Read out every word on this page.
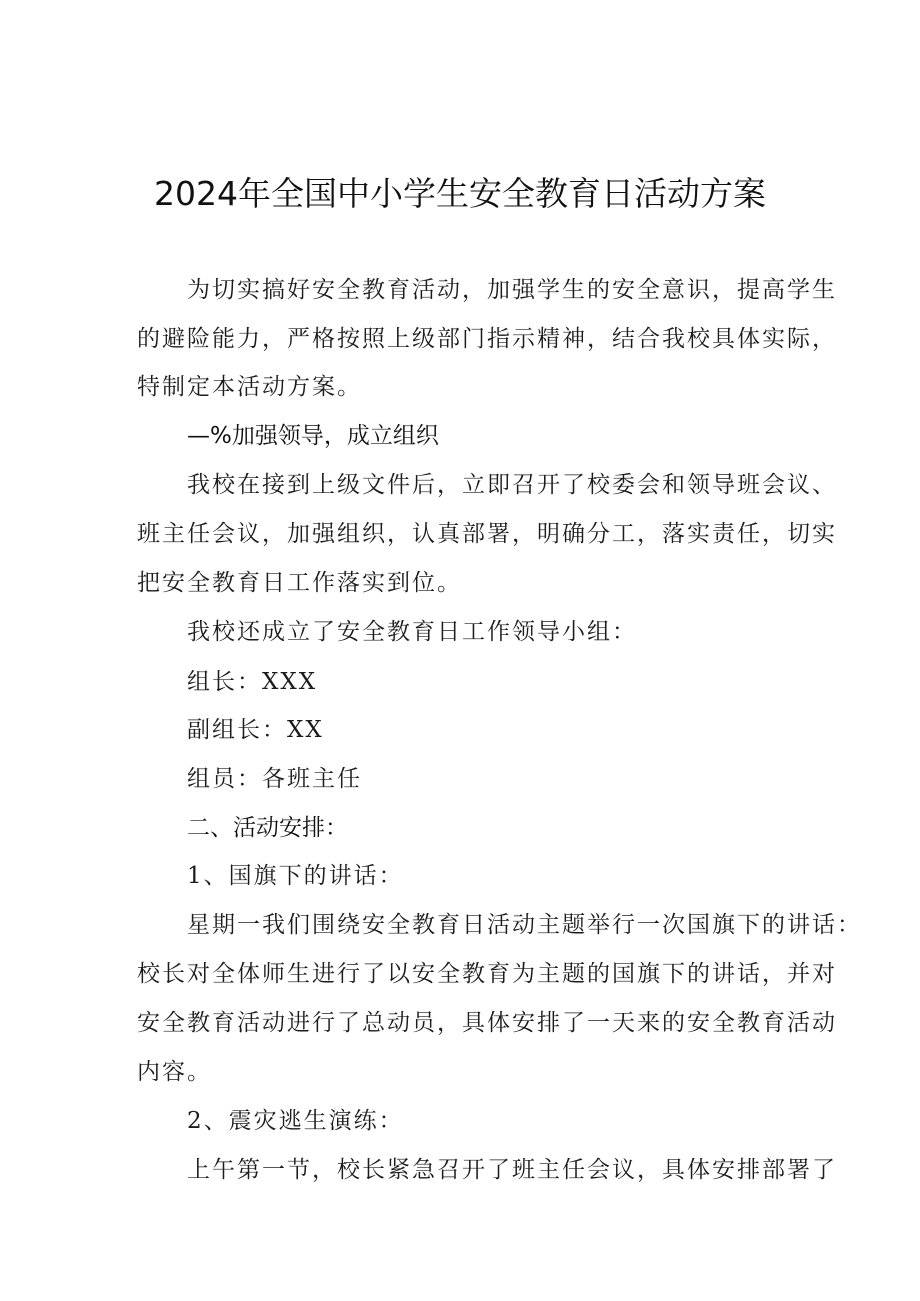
2024年全国中小学生安全教育日活动方案
为切实搞好安全教育活动，加强学生的安全意识，提高学生
的避险能力，严格按照上级部门指示精神，结合我校具体实际，
特制定本活动方案。
—%加强领导，成立组织
我校在接到上级文件后，立即召开了校委会和领导班会议、
班主任会议，加强组织，认真部署，明确分工，落实责任，切实
把安全教育日工作落实到位。
我校还成立了安全教育日工作领导小组：
组长：XXX
副组长：XX
组员：各班主任
二、活动安排：
1、国旗下的讲话：
星期一我们围绕安全教育日活动主题举行一次国旗下的讲话：
校长对全体师生进行了以安全教育为主题的国旗下的讲话，并对
安全教育活动进行了总动员，具体安排了一天来的安全教育活动
内容。
2、震灾逃生演练：
上午第一节，校长紧急召开了班主任会议，具体安排部署了
